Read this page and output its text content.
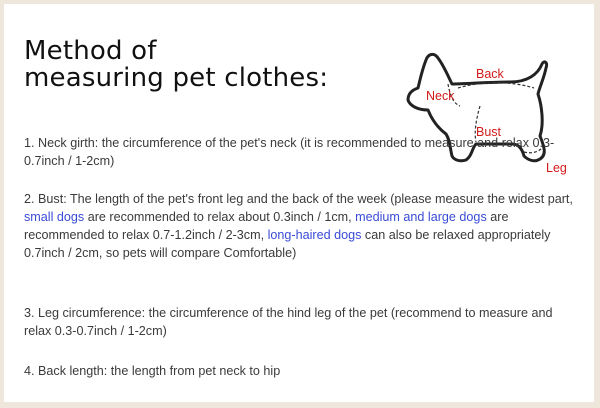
Method of
measuring pet clothes:	Back
Neck
Bust
Leg

1. Neck girth: the circumference of the pet's neck (it is recommended to measure and relax 0.3-0.7inch / 1-2cm)

2. Bust: The length of the pet's front leg and the back of the week (please measure the widest part, small dogs are recommended to relax about 0.3inch / 1cm, medium and large dogs are recommended to relax 0.7-1.2inch / 2-3cm, long-haired dogs can also be relaxed appropriately 0.7inch / 2cm, so pets will compare Comfortable)

3. Leg circumference: the circumference of the hind leg of the pet (recommend to measure and relax 0.3-0.7inch / 1-2cm)

4. Back length: the length from pet neck to hip
